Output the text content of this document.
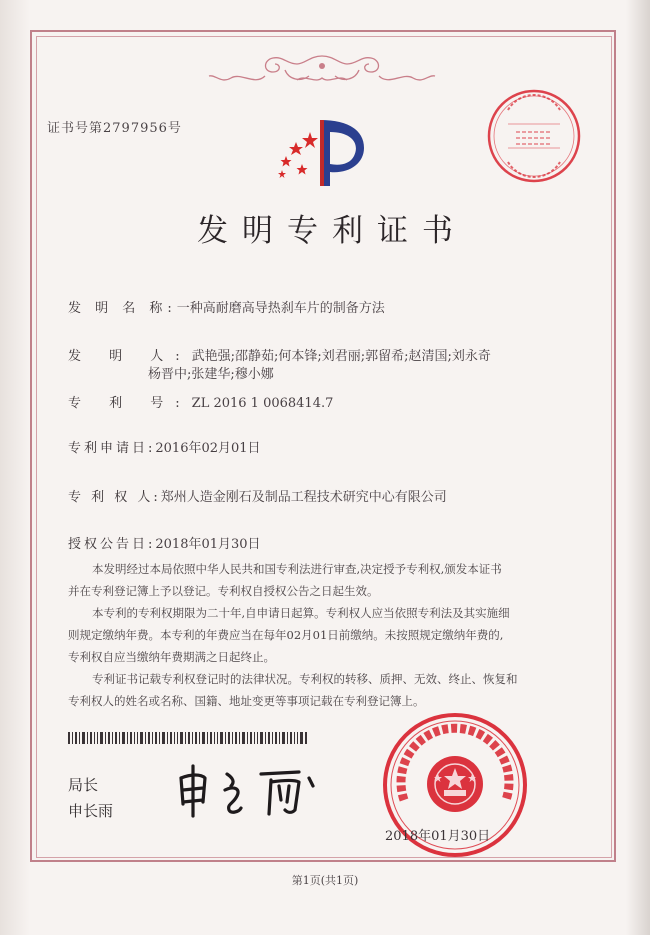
证书号第2797956号
发明专利证书
发 明 名 称:一种高耐磨高导热刹车片的制备方法
发 明 人:武艳强;邵静茹;何本锋;刘君丽;郭留希;赵清国;刘永奇
杨晋中;张建华;穆小娜
专 利 号:ZL 2016 1 0068414.7
专利申请日:2016年02月01日
专 利 权 人:郑州人造金刚石及制品工程技术研究中心有限公司
授权公告日:2018年01月30日

本发明经过本局依照中华人民共和国专利法进行审查,决定授予专利权,颁发本证书

并在专利登记簿上予以登记。专利权自授权公告之日起生效。

本专利的专利权期限为二十年,自申请日起算。专利权人应当依照专利法及其实施细

则规定缴纳年费。本专利的年费应当在每年02月01日前缴纳。未按照规定缴纳年费的,

专利权自应当缴纳年费期满之日起终止。

专利证书记载专利权登记时的法律状况。专利权的转移、质押、无效、终止、恢复和

专利权人的姓名或名称、国籍、地址变更等事项记载在专利登记簿上。

局长
申长雨
2018年01月30日
第1页(共1页)
